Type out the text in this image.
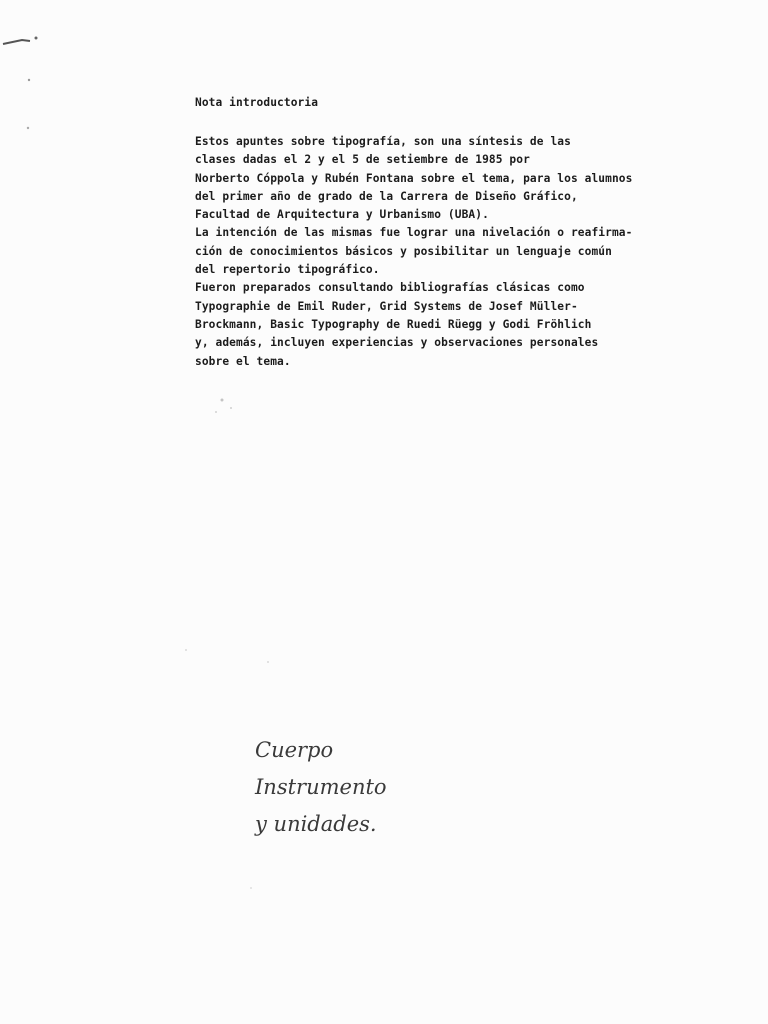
Nota introductoria
Estos apuntes sobre tipografía, son una síntesis de las
clases dadas el 2 y el 5 de setiembre de 1985 por
Norberto Cóppola y Rubén Fontana sobre el tema, para los alumnos
del primer año de grado de la Carrera de Diseño Gráfico,
Facultad de Arquitectura y Urbanismo (UBA).
La intención de las mismas fue lograr una nivelación o reafirma-
ción de conocimientos básicos y posibilitar un lenguaje común
del repertorio tipográfico.
Fueron preparados consultando bibliografías clásicas como
Typographie de Emil Ruder, Grid Systems de Josef Müller-
Brockmann, Basic Typography de Ruedi Rüegg y Godi Fröhlich
y, además, incluyen experiencias y observaciones personales
sobre el tema.
Cuerpo
Instrumento
y unidades.
